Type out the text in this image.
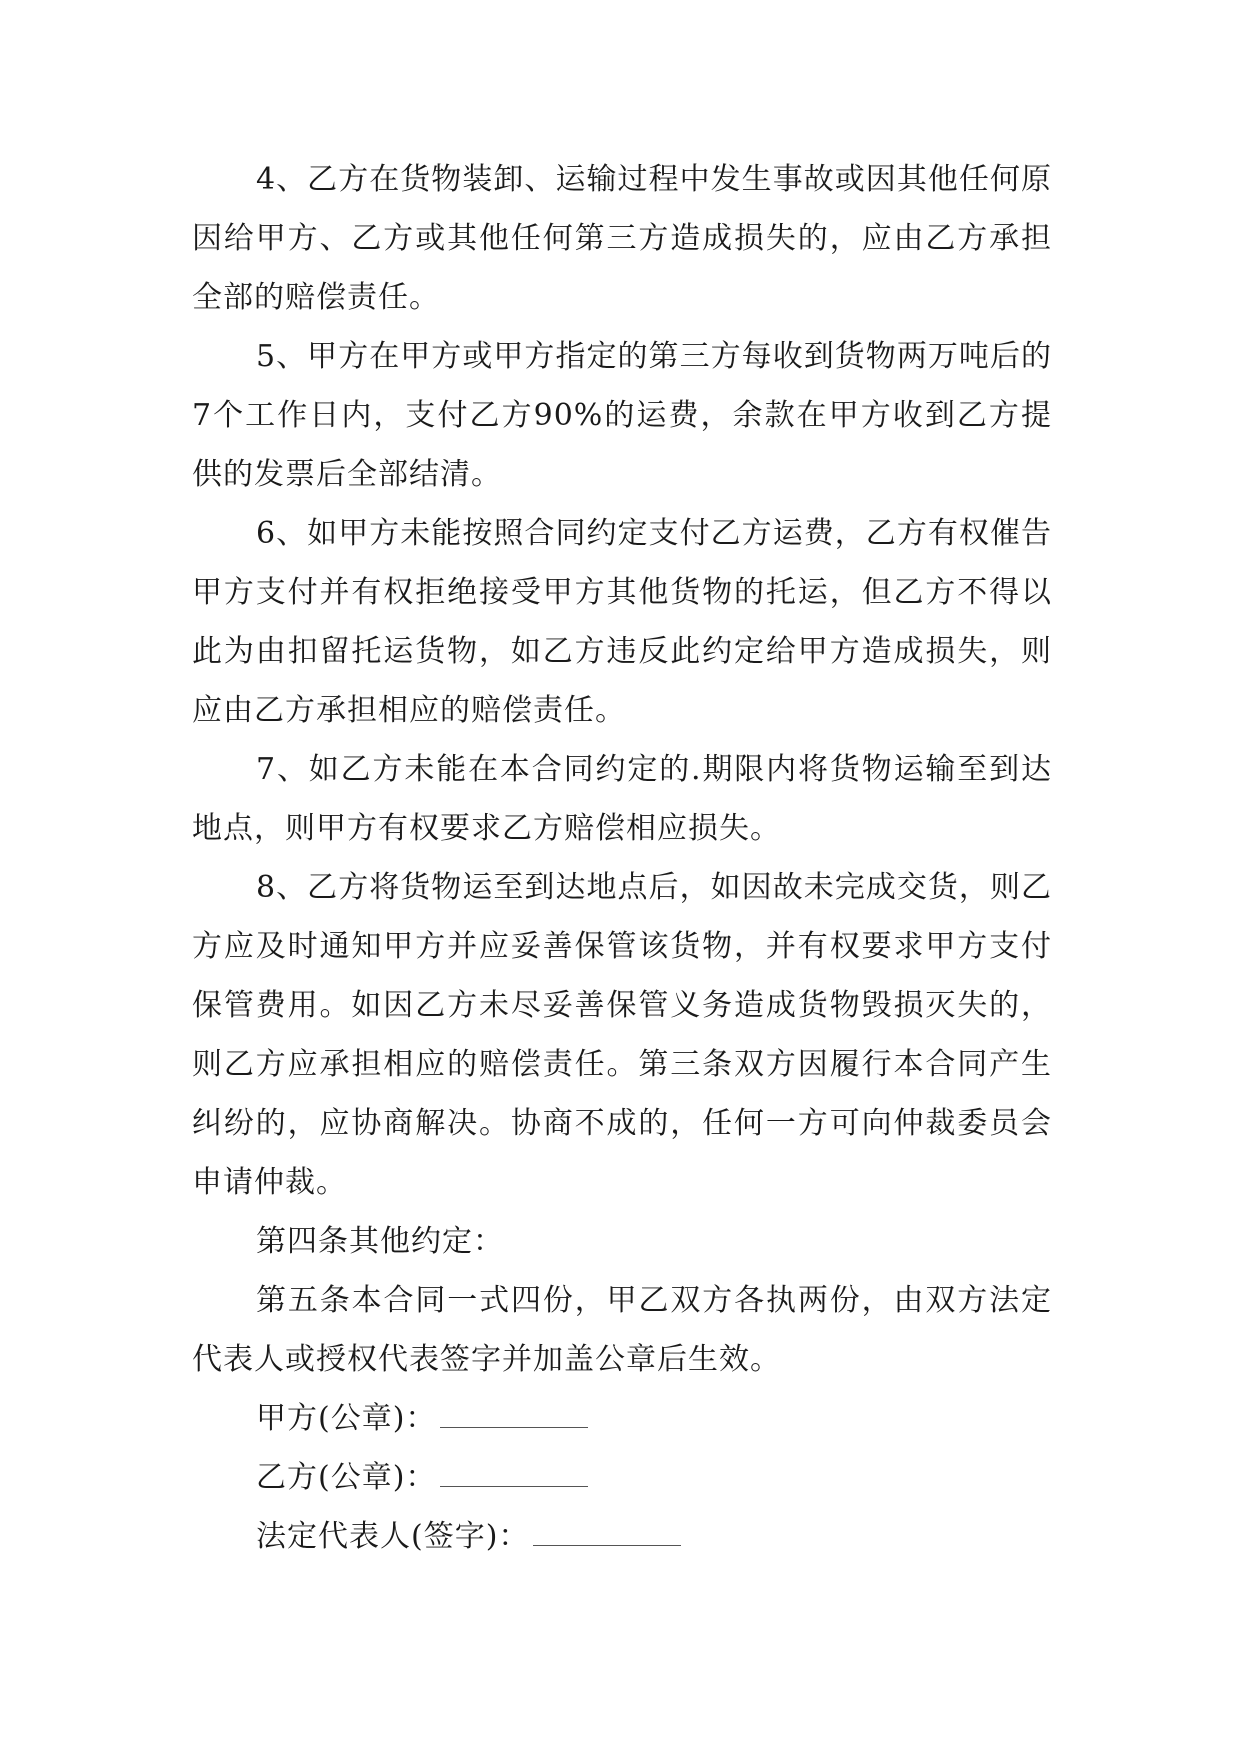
4、乙方在货物装卸、运输过程中发生事故或因其他任何原因给甲方、乙方或其他任何第三方造成损失的，应由乙方承担全部的赔偿责任。

5、甲方在甲方或甲方指定的第三方每收到货物两万吨后的7个工作日内，支付乙方90%的运费，余款在甲方收到乙方提供的发票后全部结清。

6、如甲方未能按照合同约定支付乙方运费，乙方有权催告甲方支付并有权拒绝接受甲方其他货物的托运，但乙方不得以此为由扣留托运货物，如乙方违反此约定给甲方造成损失，则应由乙方承担相应的赔偿责任。

7、如乙方未能在本合同约定的.期限内将货物运输至到达地点，则甲方有权要求乙方赔偿相应损失。

8、乙方将货物运至到达地点后，如因故未完成交货，则乙方应及时通知甲方并应妥善保管该货物，并有权要求甲方支付保管费用。如因乙方未尽妥善保管义务造成货物毁损灭失的，则乙方应承担相应的赔偿责任。第三条双方因履行本合同产生纠纷的，应协商解决。协商不成的，任何一方可向仲裁委员会申请仲裁。

第四条其他约定：

第五条本合同一式四份，甲乙双方各执两份，由双方法定代表人或授权代表签字并加盖公章后生效。

甲方(公章)：
乙方(公章)：
法定代表人(签字)：
